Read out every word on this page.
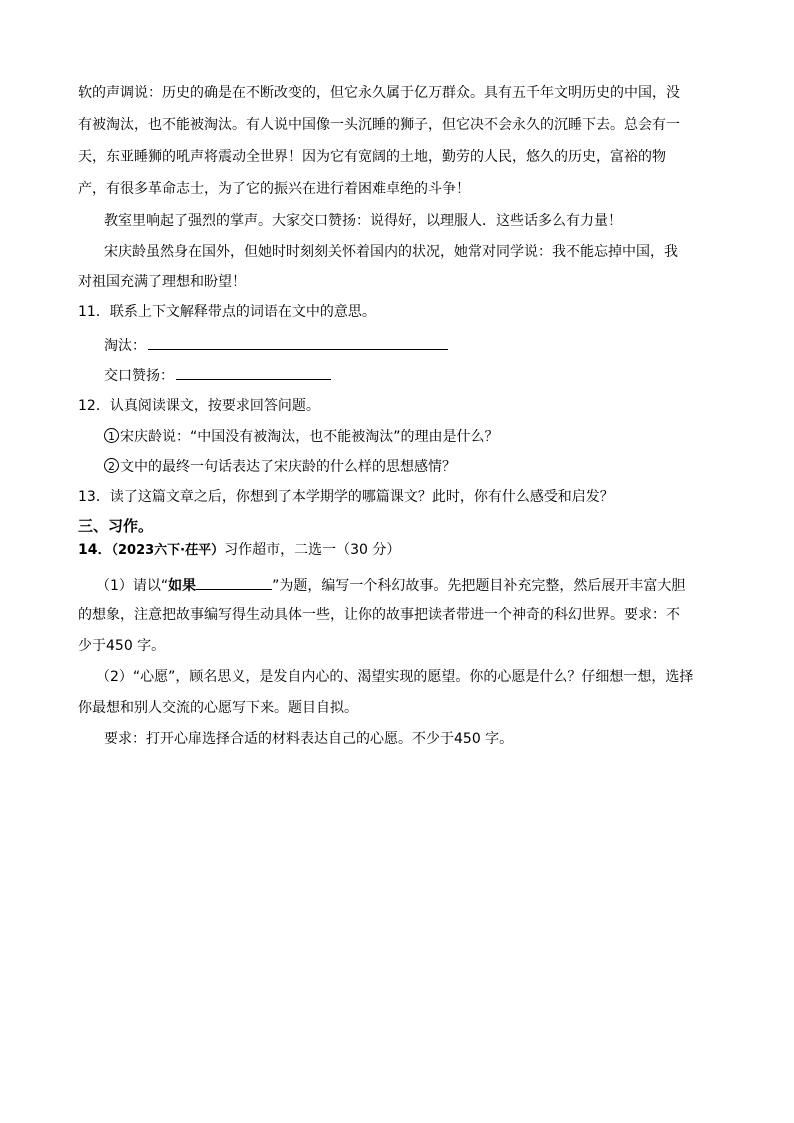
软的声调说：历史的确是在不断改变的，但它永久属于亿万群众。具有五千年文明历史的中国，没
有被淘汰，也不能被淘汰。有人说中国像一头沉睡的狮子，但它决不会永久的沉睡下去。总会有一
天，东亚睡狮的吼声将震动全世界！因为它有宽阔的土地，勤劳的人民，悠久的历史，富裕的物
产，有很多革命志士，为了它的振兴在进行着困难卓绝的斗争！
教室里响起了强烈的掌声。大家交口赞扬：说得好，以理服人．这些话多么有力量！
宋庆龄虽然身在国外，但她时时刻刻关怀着国内的状况，她常对同学说：我不能忘掉中国，我
对祖国充满了理想和盼望！
11．联系上下文解释带点的词语在文中的意思。
淘汰：
交口赞扬：
12．认真阅读课文，按要求回答问题。
1 宋庆龄说：“中国没有被淘汰，也不能被淘汰”的理由是什么？
2 文中的最终一句话表达了宋庆龄的什么样的思想感情？
13．读了这篇文章之后，你想到了本学期学的哪篇课文？此时，你有什么感受和启发？
三、习作。
14．（2023六下·茌平）习作超市，二选一（30 分）
（1）请以“如果	”为题，编写一个科幻故事。先把题目补充完整，然后展开丰富大胆
的想象，注意把故事编写得生动具体一些，让你的故事把读者带进一个神奇的科幻世界。要求：不
少于450 字。
（2）“心愿”，顾名思义，是发自内心的、渴望实现的愿望。你的心愿是什么？仔细想一想，选择
你最想和别人交流的心愿写下来。题目自拟。
要求：打开心扉选择合适的材料表达自己的心愿。不少于450 字。
